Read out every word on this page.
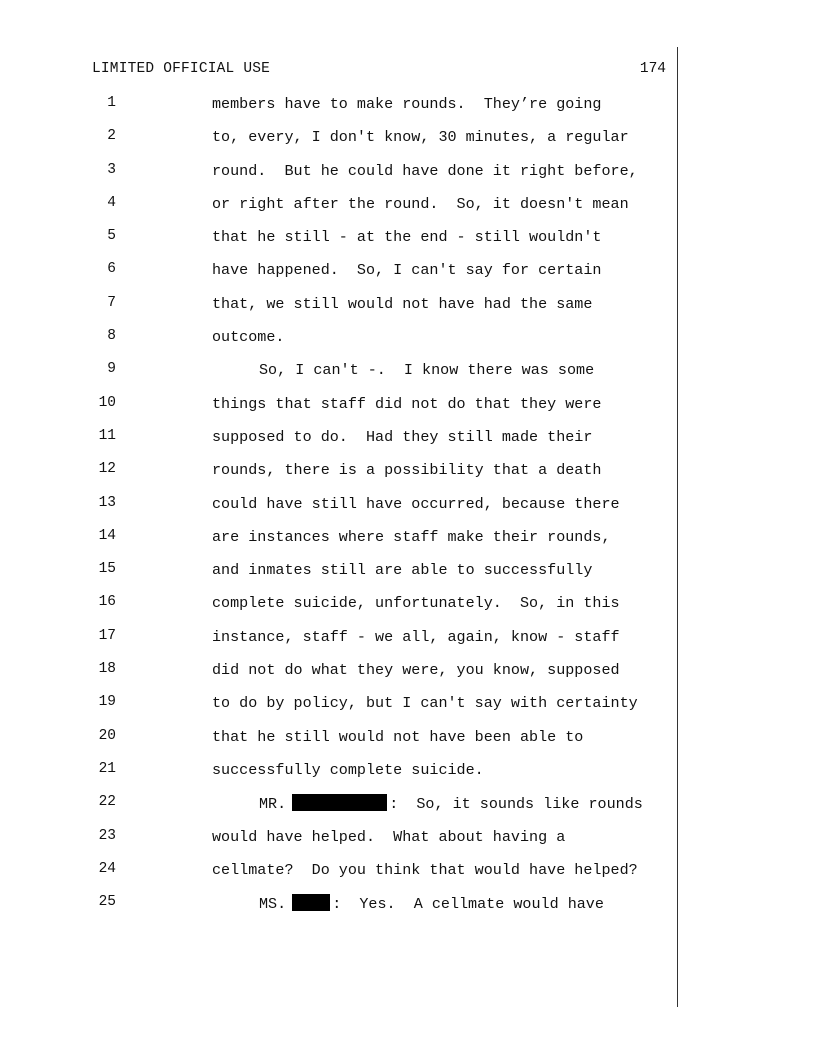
LIMITED OFFICIAL USE	174
1	members have to make rounds.  They’re going
2	to, every, I don't know, 30 minutes, a regular
3	round.  But he could have done it right before,
4	or right after the round.  So, it doesn't mean
5	that he still - at the end - still wouldn't
6	have happened.  So, I can't say for certain
7	that, we still would not have had the same
8	outcome.
9	So, I can't -.  I know there was some
10	things that staff did not do that they were
11	supposed to do.  Had they still made their
12	rounds, there is a possibility that a death
13	could have still have occurred, because there
14	are instances where staff make their rounds,
15	and inmates still are able to successfully
16	complete suicide, unfortunately.  So, in this
17	instance, staff - we all, again, know - staff
18	did not do what they were, you know, supposed
19	to do by policy, but I can't say with certainty
20	that he still would not have been able to
21	successfully complete suicide.
22	MR.	:  So, it sounds like rounds
23	would have helped.  What about having a
24	cellmate?  Do you think that would have helped?
25	MS.	:  Yes.  A cellmate would have
